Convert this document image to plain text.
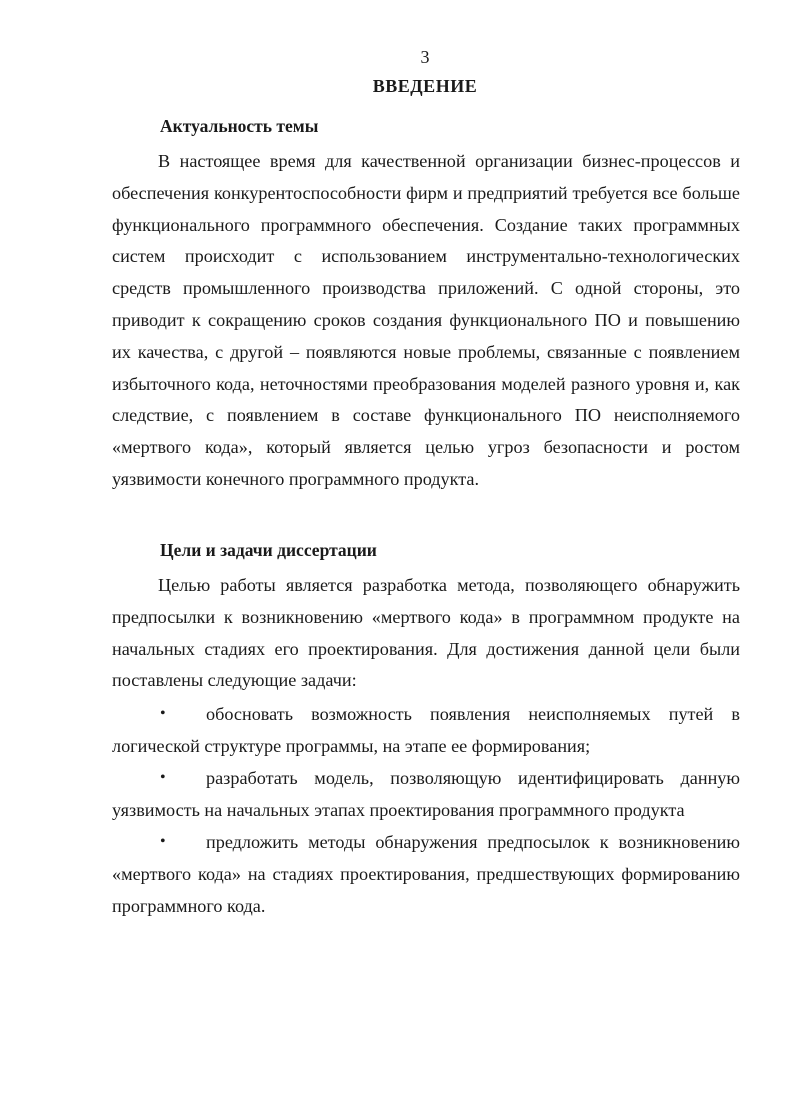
3
ВВЕДЕНИЕ
Актуальность темы

В настоящее время для качественной организации бизнес-процессов и обеспечения конкурентоспособности фирм и предприятий требуется все больше функционального программного обеспечения. Создание таких программных систем происходит с использованием инструментально-технологических средств промышленного производства приложений. С одной стороны, это приводит к сокращению сроков создания функционального ПО и повышению их качества, с другой – появляются новые проблемы, связанные с появлением избыточного кода, неточностями преобразования моделей разного уровня и, как следствие, с появлением в составе функционального ПО неисполняемого «мертвого кода», который является целью угроз безопасности и ростом уязвимости конечного программного продукта.

Цели и задачи диссертации

Целью работы является разработка метода, позволяющего обнаружить предпосылки к возникновению «мертвого кода» в программном продукте на начальных стадиях его проектирования. Для достижения данной цели были поставлены следующие задачи:

• обосновать возможность появления неисполняемых путей в логической структуре программы, на этапе ее формирования;
• разработать модель, позволяющую идентифицировать данную уязвимость на начальных этапах проектирования программного продукта
• предложить методы обнаружения предпосылок к возникновению «мертвого кода» на стадиях проектирования, предшествующих формированию программного кода.
